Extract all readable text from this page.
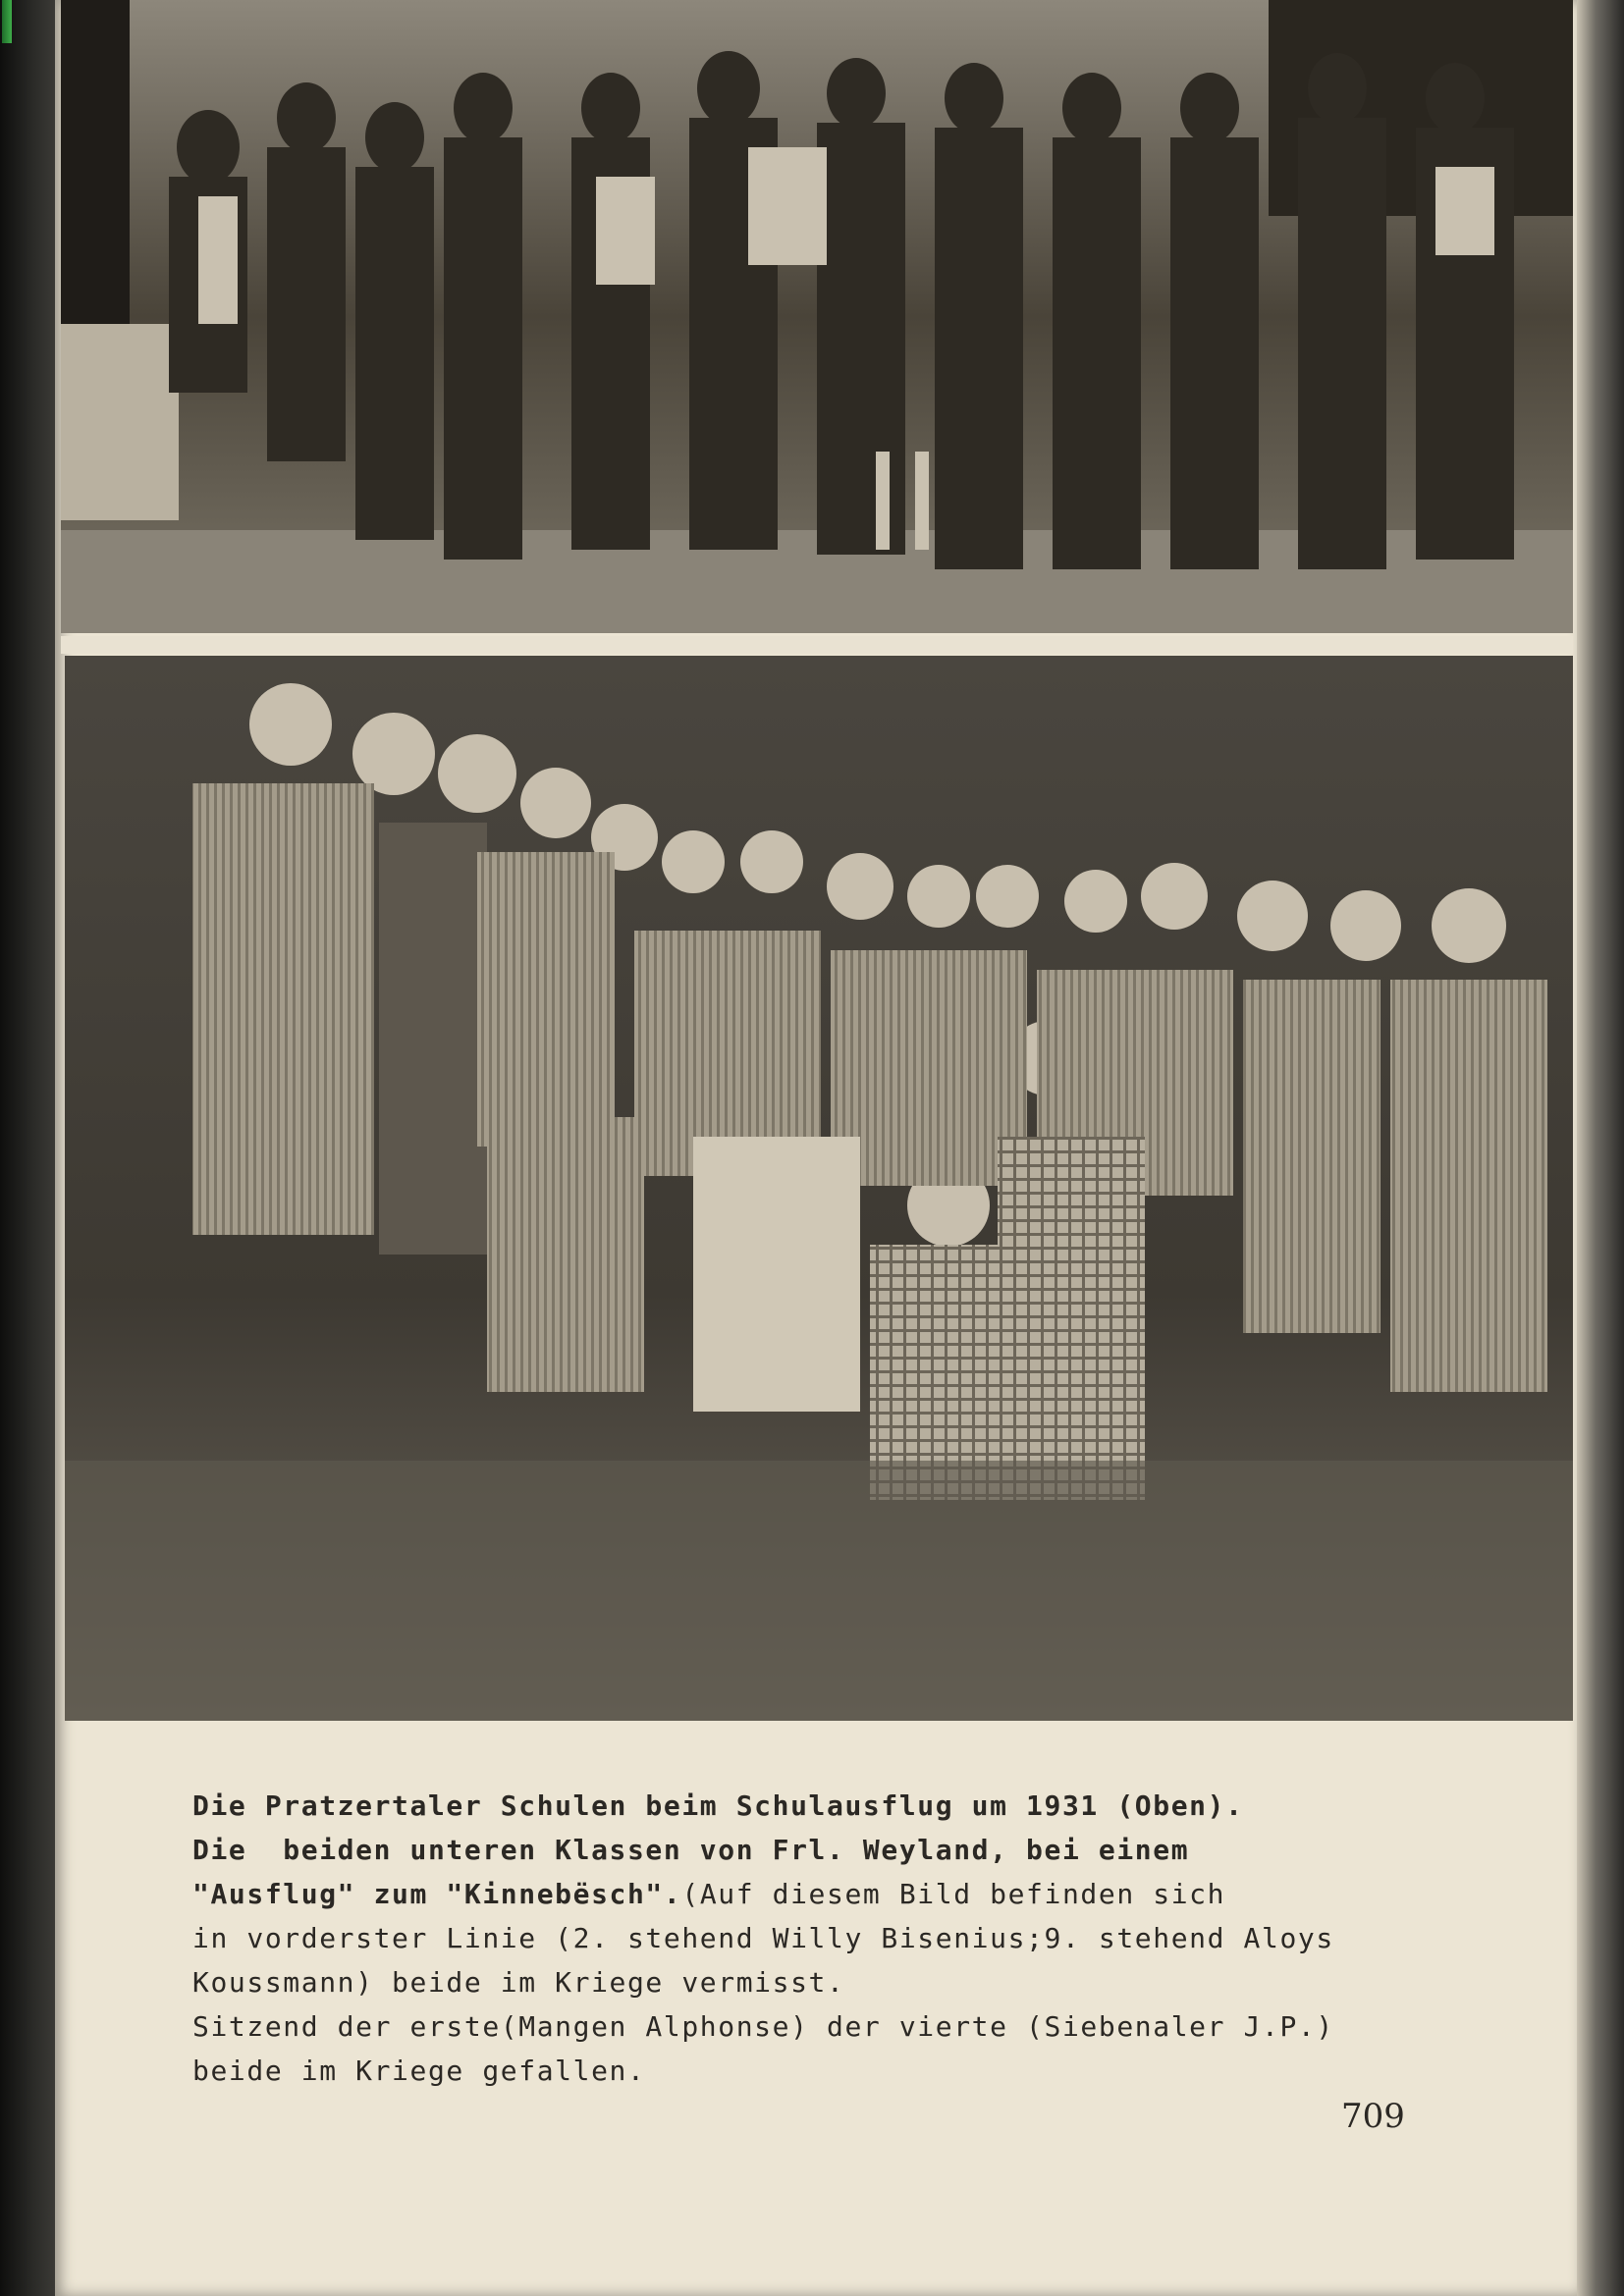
Die Pratzertaler Schulen beim Schulausflug um 1931 (Oben).
Die  beiden unteren Klassen von Frl. Weyland, bei einem
"Ausflug" zum "Kinnebësch".(Auf diesem Bild befinden sich
in vorderster Linie (2. stehend Willy Bisenius;9. stehend Aloys
Koussmann) beide im Kriege vermisst.
Sitzend der erste(Mangen Alphonse) der vierte (Siebenaler J.P.)
beide im Kriege gefallen.
709
